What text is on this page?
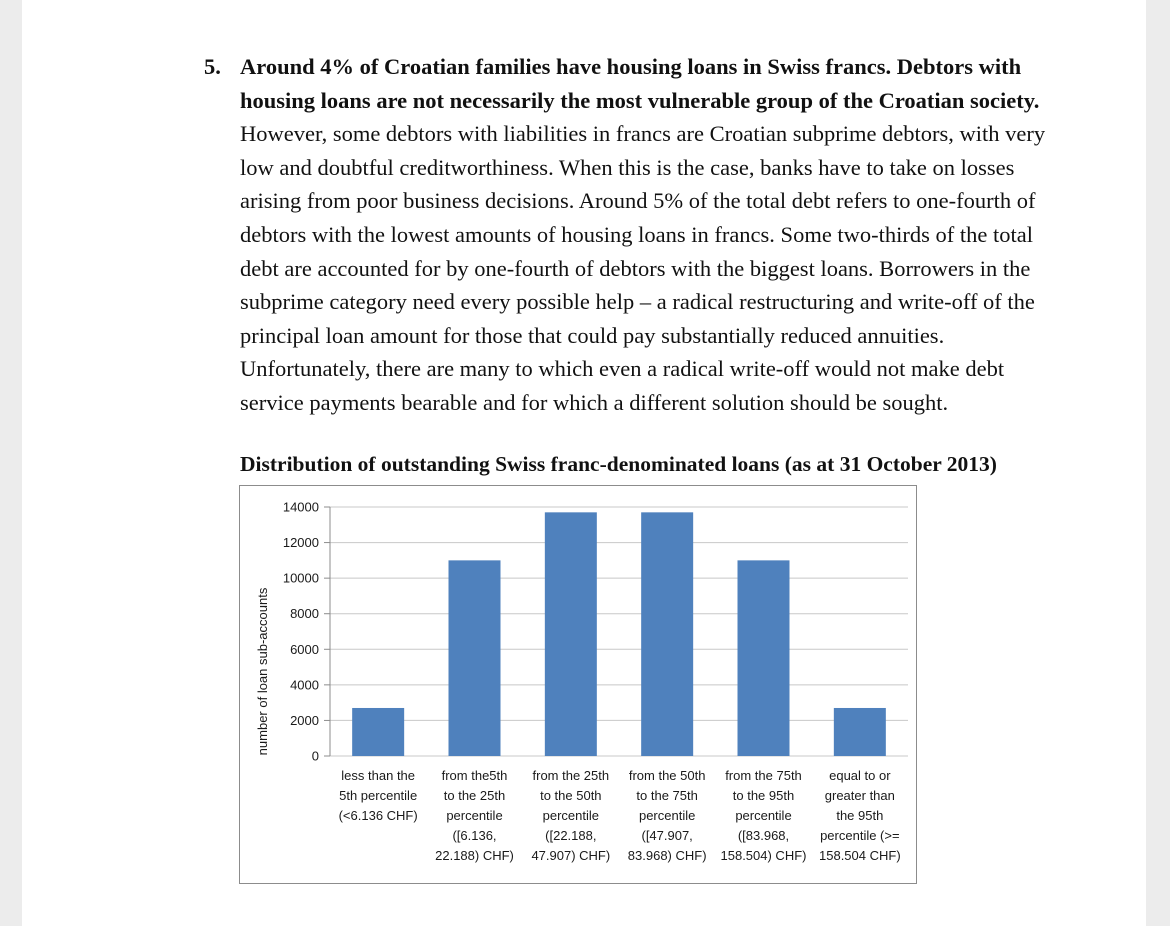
5. Around 4% of Croatian families have housing loans in Swiss francs. Debtors with
housing loans are not necessarily the most vulnerable group of the Croatian society.
However, some debtors with liabilities in francs are Croatian subprime debtors, with very
low and doubtful creditworthiness. When this is the case, banks have to take on losses
arising from poor business decisions. Around 5% of the total debt refers to one-fourth of
debtors with the lowest amounts of housing loans in francs. Some two-thirds of the total
debt are accounted for by one-fourth of debtors with the biggest loans. Borrowers in the
subprime category need every possible help – a radical restructuring and write-off of the
principal loan amount for those that could pay substantially reduced annuities.
Unfortunately, there are many to which even a radical write-off would not make debt
service payments bearable and for which a different solution should be sought.
Distribution of outstanding Swiss franc-denominated loans (as at 31 October 2013)
0
2000
4000
6000
8000
10000
12000
14000
number of loan sub-accounts
less than the
5th percentile
(<6.136 CHF)
from the5th
to the 25th
percentile
([6.136,
22.188) CHF)
from the 25th
to the 50th
percentile
([22.188,
47.907) CHF)
from the 50th
to the 75th
percentile
([47.907,
83.968) CHF)
from the 75th
to the 95th
percentile
([83.968,
158.504) CHF)
equal to or
greater than
the 95th
percentile (>=
158.504 CHF)
